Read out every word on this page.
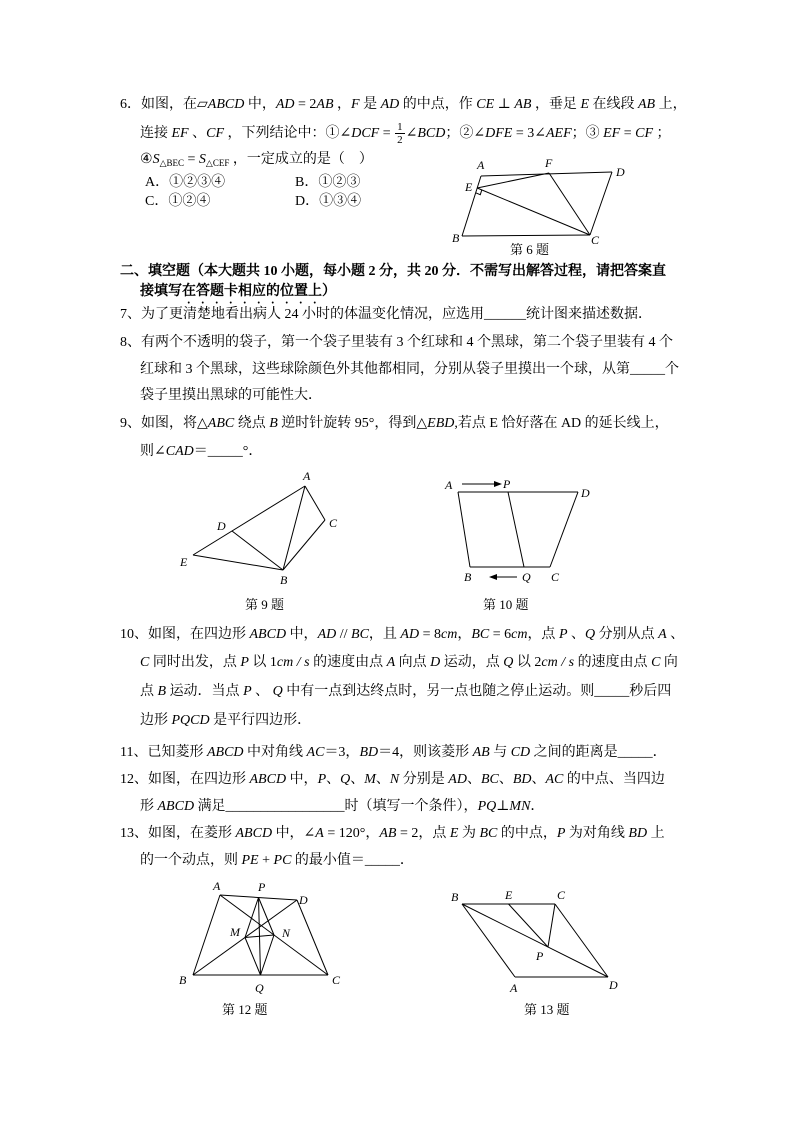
6．如图，在▱ABCD 中，AD = 2AB ，F 是 AD 的中点，作 CE ⊥ AB ，垂足 E 在线段 AB 上，
连接 EF 、CF ，下列结论中：①∠DCF = $\frac{1}{2}$ ∠BCD；②∠DFE = 3∠AEF；③ EF = CF ；
$④S_{\triangle BEC} = S_{\triangle CEF}$ ，一定成立的是（    ）
A．①②③④	B．①②③
C．①②④	D．①③④
A	F
D
E
B	C
第 6 题
二、填空题（本大题共 10 小题，每小题 2 分，共 20 分．不需写出解答过程，请把答案直
接填写在答题卡相应的位置上）
7、为了更清楚地看出病人 24 小时的体温变化情况，应选用______统计图来描述数据．
8、有两个不透明的袋子，第一个袋子里装有 3 个红球和 4 个黑球，第二个袋子里装有 4 个
红球和 3 个黑球，这些球除颜色外其他都相同，分别从袋子里摸出一个球，从第_____个
袋子里摸出黑球的可能性大．
9、如图，将△ABC 绕点 B 逆时针旋转 95°，得到△EBD,若点 E 恰好落在 AD 的延长线上，
则∠CAD＝_____°．
A
C
D
E
B
A	P
D
B	Q C
第 9 题	第 10 题
10、如图，在四边形 ABCD 中，AD // BC，且 AD = 8cm，BC = 6cm，点 P 、Q 分别从点 A 、
C 同时出发，点 P 以 1cm / s 的速度由点 A 向点 D 运动，点 Q 以 2cm / s 的速度由点 C 向
点 B 运动．当点 P 、 Q 中有一点到达终点时，另一点也随之停止运动。则_____秒后四
边形 PQCD 是平行四边形．
11、已知菱形 ABCD 中对角线 AC＝3，BD＝4，则该菱形 AB 与 CD 之间的距离是_____．
12、如图，在四边形 ABCD 中，P、Q、M、N 分别是 AD、BC、BD、AC 的中点、当四边
形 ABCD 满足_________________时（填写一个条件），PQ⊥MN．
13、如图，在菱形 ABCD 中，∠A = 120°，AB = 2，点 E 为 BC 的中点，P 为对角线 BD 上
的一个动点，则 PE + PC 的最小值＝_____．
A	P
D
M	N
B
Q
C
B	E	C
P
A	D
第 12 题	第 13 题
